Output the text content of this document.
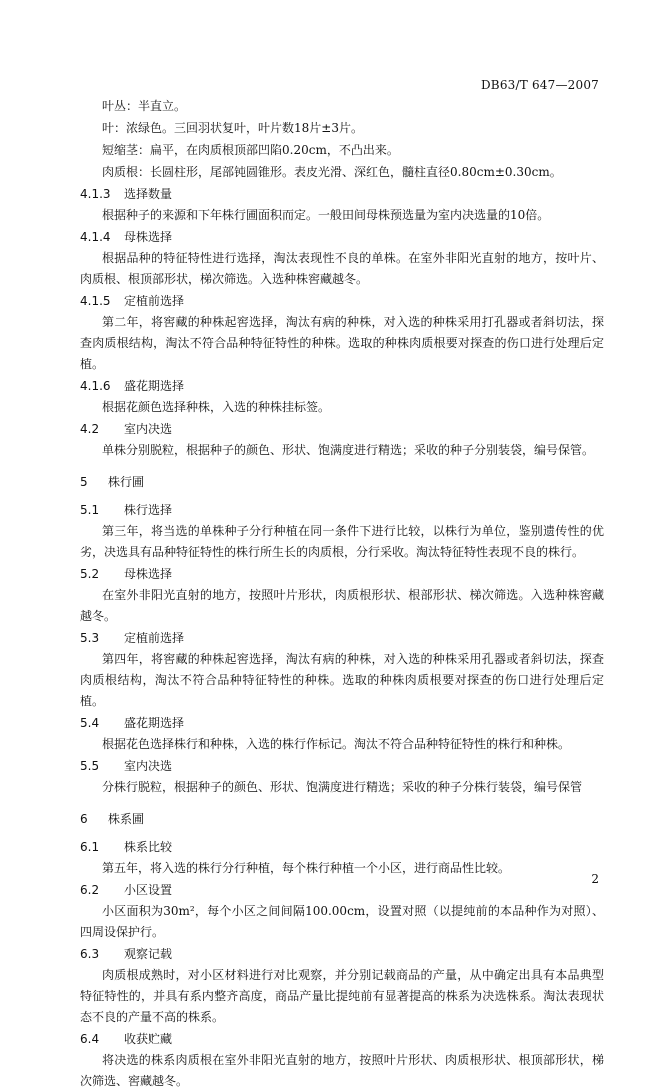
DB63/T 647—2007
叶丛：半直立。
叶：浓绿色。三回羽状复叶，叶片数18片±3片。
短缩茎：扁平，在肉质根顶部凹陷0.20cm，不凸出来。
肉质根：长圆柱形，尾部钝圆锥形。表皮光滑、深红色，髓柱直径0.80cm±0.30cm。
4.1.3 选择数量
根据种子的来源和下年株行圃面积而定。一般田间母株预选量为室内决选量的10倍。
4.1.4 母株选择
根据品种的特征特性进行选择，淘汰表现性不良的单株。在室外非阳光直射的地方，按叶片、肉质根、根顶部形状，梯次筛选。入选种株窖藏越冬。
4.1.5 定植前选择
第二年，将窖藏的种株起窖选择，淘汰有病的种株，对入选的种株采用打孔器或者斜切法，探查肉质根结构，淘汰不符合品种特征特性的种株。选取的种株肉质根要对探查的伤口进行处理后定植。
4.1.6 盛花期选择
根据花颜色选择种株，入选的种株挂标签。
4.2 室内决选
单株分别脱粒，根据种子的颜色、形状、饱满度进行精选；采收的种子分别装袋，编号保管。
5 株行圃
5.1 株行选择
第三年，将当选的单株种子分行种植在同一条件下进行比较，以株行为单位，鉴别遗传性的优劣，决选具有品种特征特性的株行所生长的肉质根，分行采收。淘汰特征特性表现不良的株行。
5.2 母株选择
在室外非阳光直射的地方，按照叶片形状，肉质根形状、根部形状、梯次筛选。入选种株窖藏越冬。
5.3 定植前选择
第四年，将窖藏的种株起窖选择，淘汰有病的种株，对入选的种株采用孔器或者斜切法，探查肉质根结构，淘汰不符合品种特征特性的种株。选取的种株肉质根要对探查的伤口进行处理后定植。
5.4 盛花期选择
根据花色选择株行和种株，入选的株行作标记。淘汰不符合品种特征特性的株行和种株。
5.5 室内决选
分株行脱粒，根据种子的颜色、形状、饱满度进行精选；采收的种子分株行装袋，编号保管
6 株系圃
6.1 株系比较
第五年，将入选的株行分行种植，每个株行种植一个小区，进行商品性比较。
6.2 小区设置
小区面积为30m²，每个小区之间间隔100.00cm，设置对照（以提纯前的本品种作为对照）、四周设保护行。
6.3 观察记载
肉质根成熟时，对小区材料进行对比观察，并分别记载商品的产量，从中确定出具有本品典型特征特性的，并具有系内整齐高度，商品产量比提纯前有显著提高的株系为决选株系。淘汰表现状态不良的产量不高的株系。
6.4 收获贮藏
将决选的株系肉质根在室外非阳光直射的地方，按照叶片形状、肉质根形状、根顶部形状，梯次筛选、窖藏越冬。
2
